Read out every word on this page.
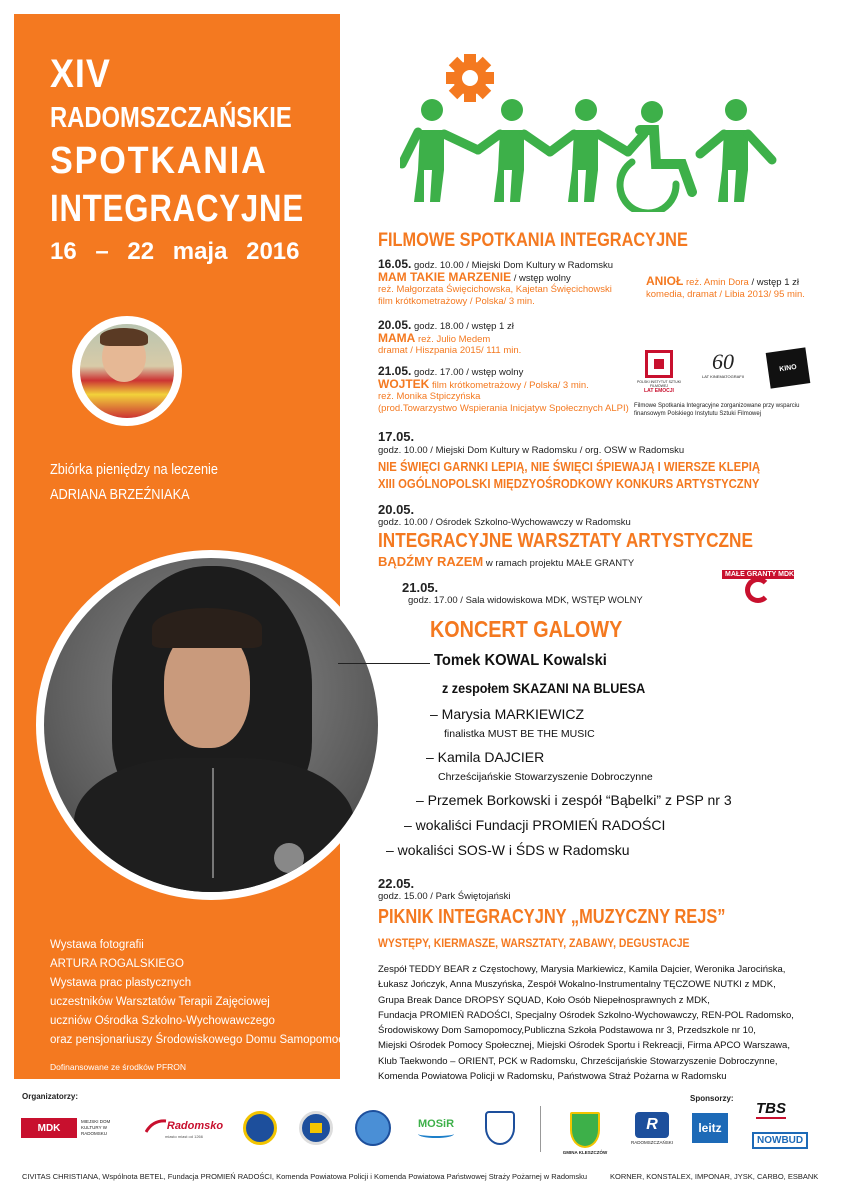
XIV
RADOMSZCZAŃSKIE
SPOTKANIA
INTEGRACYJNE
16 – 22 maja 2016
Zbiórka pieniędzy na leczenie
ADRIANA BRZEŹNIAKA
Wystawa fotografii
ARTURA ROGALSKIEGO
Wystawa prac plastycznych
uczestników Warsztatów Terapii Zajęciowej
uczniów Ośrodka Szkolno-Wychowawczego
oraz pensjonariuszy Środowiskowego Domu Samopomocy
Dofinansowane ze środków PFRON
FILMOWE SPOTKANIA INTEGRACYJNE
16.05. godz. 10.00 / Miejski Dom Kultury w Radomsku
MAM TAKIE MARZENIE / wstęp wolny
reż. Małgorzata Święcichowska, Kajetan Święcichowski
film krótkometrażowy / Polska/ 3 min.
ANIOŁ reż. Amin Dora / wstęp 1 zł
komedia, dramat / Libia 2013/ 95 min.
20.05. godz. 18.00 / wstęp 1 zł
MAMA reż. Julio Medem
dramat / Hiszpania 2015/ 111 min.
21.05. godz. 17.00 / wstęp wolny
WOJTEK film krótkometrażowy / Polska/ 3 min.
reż. Monika Stpiczyńska
(prod.Towarzystwo Wspierania Inicjatyw Społecznych ALPI)
POLSKI INSTYTUT SZTUKI FILMOWEJ
LAT EMOCJI
60
LAT KINEMATOGRAFII
KINO
Filmowe Spotkania Integracyjne zorganizowane przy wsparciu
finansowym Polskiego Instytutu Sztuki Filmowej
17.05.
godz. 10.00 / Miejski Dom Kultury w Radomsku / org. OSW w Radomsku
NIE ŚWIĘCI GARNKI LEPIĄ, NIE ŚWIĘCI ŚPIEWAJĄ I WIERSZE KLEPIĄ
XIII OGÓLNOPOLSKI MIĘDZYOŚRODKOWY KONKURS ARTYSTYCZNY
20.05.
godz. 10.00 / Ośrodek Szkolno-Wychowawczy w Radomsku
INTEGRACYJNE WARSZTATY ARTYSTYCZNE
BĄDŹMY RAZEM w ramach projektu MAŁE GRANTY
MAŁE GRANTY MDK
21.05.
godz. 17.00 / Sala widowiskowa MDK, WSTĘP WOLNY
KONCERT GALOWY
Tomek KOWAL Kowalski
z zespołem SKAZANI NA BLUESA
– Marysia MARKIEWICZ
finalistka MUST BE THE MUSIC
– Kamila DAJCIER
Chrześcijańskie Stowarzyszenie Dobroczynne
– Przemek Borkowski i zespół “Bąbelki” z PSP nr 3
– wokaliści Fundacji PROMIEŃ RADOŚCI
– wokaliści SOS-W i ŚDS w Radomsku
22.05.
godz. 15.00 / Park Świętojański
PIKNIK INTEGRACYJNY „MUZYCZNY REJS”
WYSTĘPY, KIERMASZE, WARSZTATY, ZABAWY, DEGUSTACJE
Zespół TEDDY BEAR z Częstochowy, Marysia Markiewicz, Kamila Dajcier, Weronika Jarocińska,
Łukasz Jończyk, Anna Muszyńska, Zespół Wokalno-Instrumentalny TĘCZOWE NUTKI z MDK,
Grupa Break Dance DROPSY SQUAD, Koło Osób Niepełnosprawnych z MDK,
Fundacja PROMIEŃ RADOŚCI, Specjalny Ośrodek Szkolno-Wychowawczy, REN-POL Radomsko,
Środowiskowy Dom Samopomocy,Publiczna Szkoła Podstawowa nr 3, Przedszkole nr 10,
Miejski Ośrodek Pomocy Społecznej, Miejski Ośrodek Sportu i Rekreacji, Firma APCO Warszawa,
Klub Taekwondo – ORIENT, PCK w Radomsku, Chrześcijańskie Stowarzyszenie Dobroczynne,
Komenda Powiatowa Policji w Radomsku, Państwowa Straż Pożarna w Radomsku
Organizatorzy:	Sponsorzy:
MDK
MIEJSKI DOM KULTURY W RADOMSKU
Radomsko
miasto miast od 1266
MOSiR
GMINA KLESZCZÓW
R
RADOMSZCZAŃSKI
leitz
TBS
NOWBUD
CIVITAS CHRISTIANA, Wspólnota BETEL, Fundacja PROMIEŃ RADOŚCI, Komenda Powiatowa Policji i Komenda Powiatowa Państwowej Straży Pożarnej w Radomsku	KORNER, KONSTALEX, IMPONAR, JYSK, CARBO, ESBANK
